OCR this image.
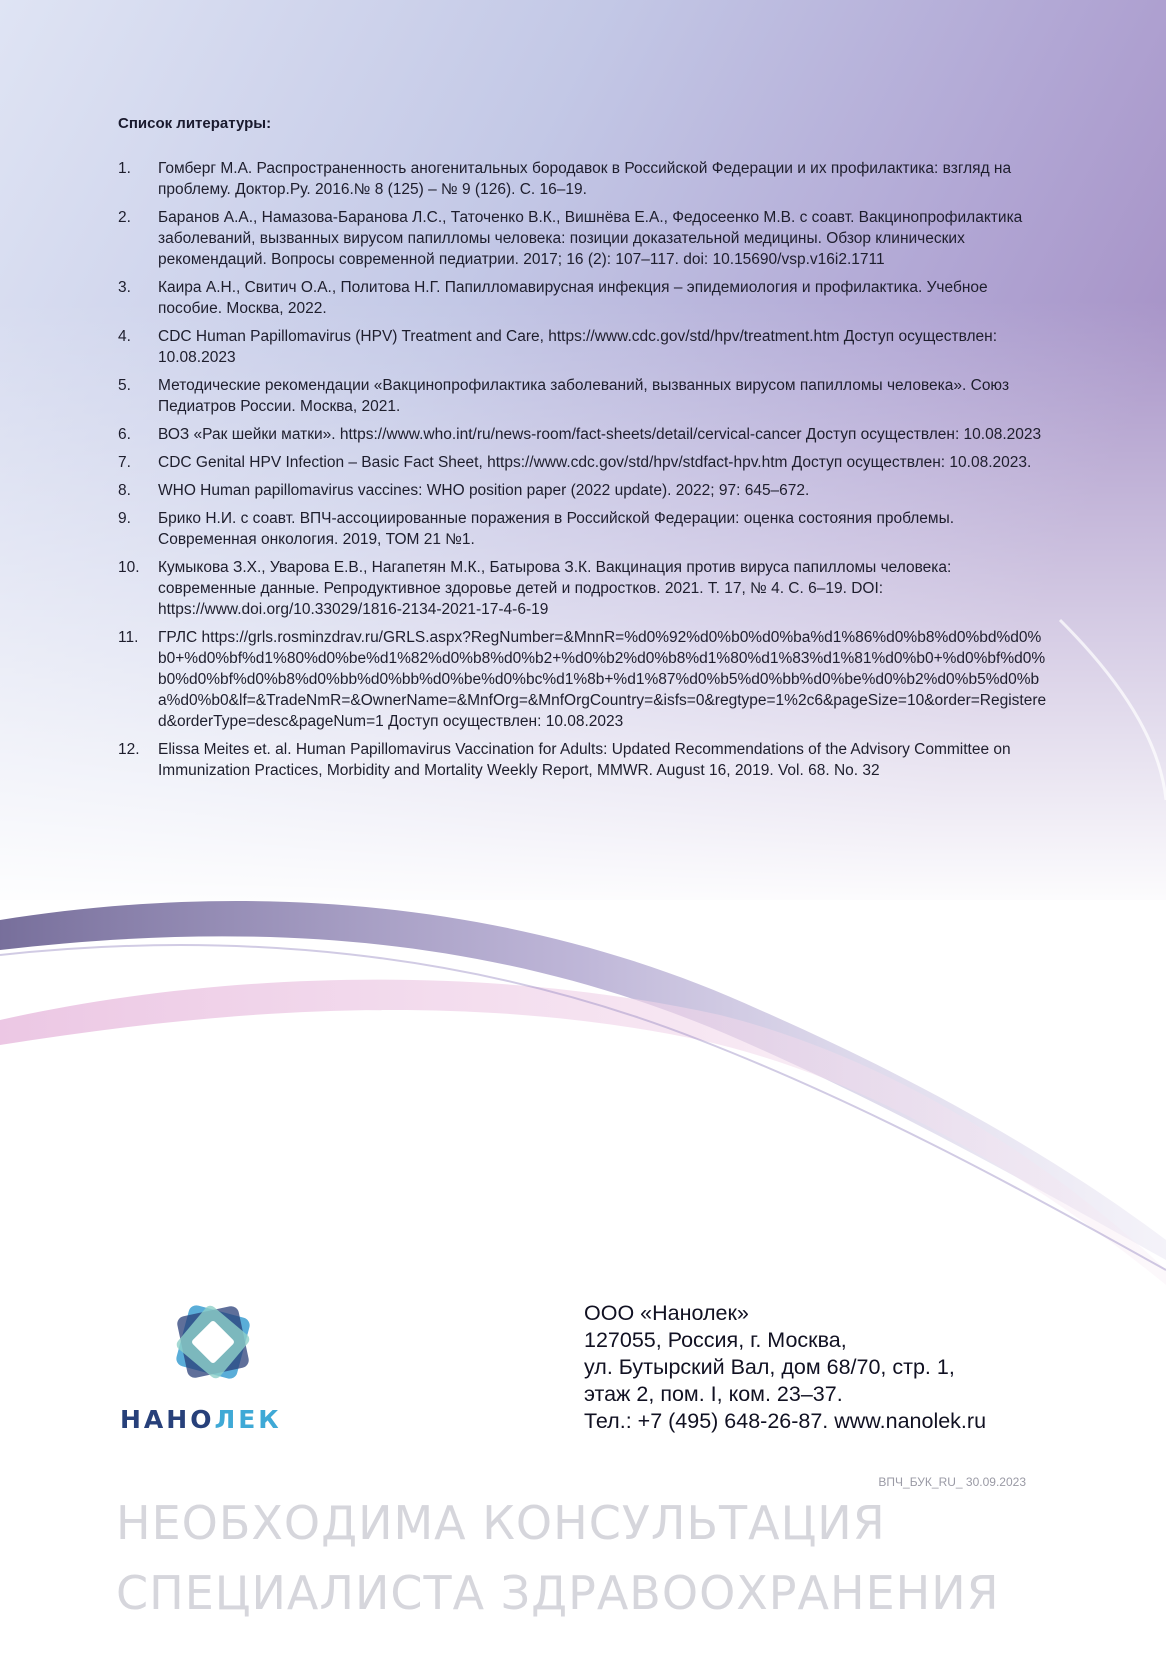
Список литературы:
1.	Гомберг М.А. Распространенность аногенитальных бородавок в Российской Федерации и их профилактика: взгляд на проблему. Доктор.Ру. 2016.№ 8 (125) – № 9 (126). С. 16–19.
2.	Баранов А.А., Намазова-Баранова Л.С., Таточенко В.К., Вишнёва Е.А., Федосеенко М.В. с соавт. Вакцинопрофилактика заболеваний, вызванных вирусом папилломы человека: позиции доказательной медицины. Обзор клинических рекомендаций. Вопросы современной педиатрии. 2017; 16 (2): 107–117. doi: 10.15690/vsp.v16i2.1711
3.	Каира А.Н., Свитич О.А., Политова Н.Г. Папилломавирусная инфекция – эпидемиология и профилактика. Учебное пособие. Москва, 2022.
4.	CDC Human Papillomavirus (HPV) Treatment and Care, https://www.cdc.gov/std/hpv/treatment.htm Доступ осуществлен: 10.08.2023
5.	Методические рекомендации «Вакцинопрофилактика заболеваний, вызванных вирусом папилломы человека». Союз Педиатров России. Москва, 2021.
6.	ВОЗ «Рак шейки матки». https://www.who.int/ru/news-room/fact-sheets/detail/cervical-cancer Доступ осуществлен: 10.08.2023
7.	CDC Genital HPV Infection – Basic Fact Sheet, https://www.cdc.gov/std/hpv/stdfact-hpv.htm Доступ осуществлен: 10.08.2023.
8.	WHO Human papillomavirus vaccines: WHO position paper (2022 update). 2022; 97: 645–672.
9.	Брико Н.И. с соавт. ВПЧ-ассоциированные поражения в Российской Федерации: оценка состояния проблемы. Современная онкология. 2019, ТОМ 21 №1.
10.	Кумыкова З.Х., Уварова Е.В., Нагапетян М.К., Батырова З.К. Вакцинация против вируса папилломы человека: современные данные. Репродуктивное здоровье детей и подростков. 2021. Т. 17, № 4. С. 6–19. DOI: https://www.doi.org/10.33029/1816-2134-2021-17-4-6-19
11.	ГРЛС https://grls.rosminzdrav.ru/GRLS.aspx?RegNumber=&MnnR=%d0%92%d0%b0%d0%ba%d1%86%d0%b8%d0%bd%d0%b0+%d0%bf%d1%80%d0%be%d1%82%d0%b8%d0%b2+%d0%b2%d0%b8%d1%80%d1%83%d1%81%d0%b0+%d0%bf%d0%b0%d0%bf%d0%b8%d0%bb%d0%bb%d0%be%d0%bc%d1%8b+%d1%87%d0%b5%d0%bb%d0%be%d0%b2%d0%b5%d0%ba%d0%b0&lf=&TradeNmR=&OwnerName=&MnfOrg=&MnfOrgCountry=&isfs=0&regtype=1%2c6&pageSize=10&order=Registered&orderType=desc&pageNum=1 Доступ осуществлен: 10.08.2023
12.	Elissa Meites et. al. Human Papillomavirus Vaccination for Adults: Updated Recommendations of the Advisory Committee on Immunization Practices, Morbidity and Mortality Weekly Report, MMWR. August 16, 2019. Vol. 68. No. 32
НАНОЛЕК
ООО «Нанолек»
127055, Россия, г. Москва,
ул. Бутырский Вал, дом 68/70, стр. 1,
этаж 2, пом. I, ком. 23–37.
Тел.: +7 (495) 648-26-87. www.nanolek.ru
ВПЧ_БУК_RU_ 30.09.2023
НЕОБХОДИМА КОНСУЛЬТАЦИЯ
СПЕЦИАЛИСТА ЗДРАВООХРАНЕНИЯ
